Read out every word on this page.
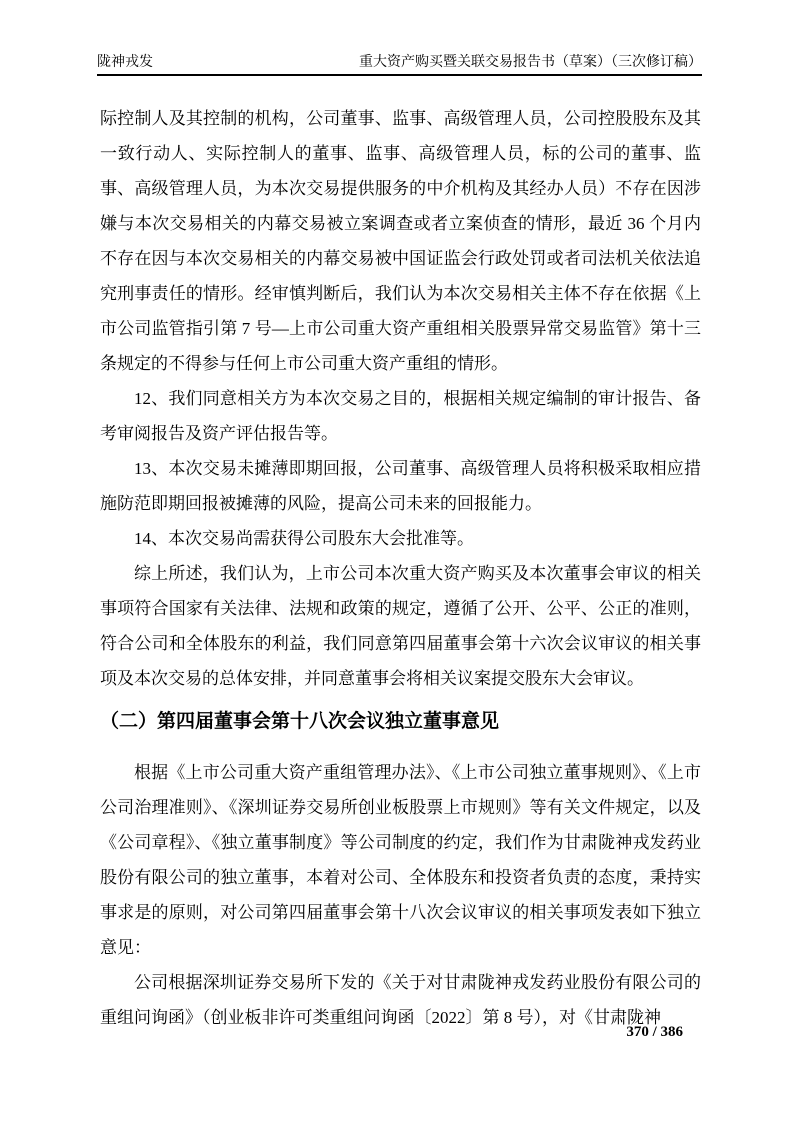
陇神戎发	重大资产购买暨关联交易报告书（草案）（三次修订稿）

际控制人及其控制的机构，公司董事、监事、高级管理人员，公司控股股东及其一致行动人、实际控制人的董事、监事、高级管理人员，标的公司的董事、监事、高级管理人员，为本次交易提供服务的中介机构及其经办人员）不存在因涉嫌与本次交易相关的内幕交易被立案调查或者立案侦查的情形，最近 36 个月内不存在因与本次交易相关的内幕交易被中国证监会行政处罚或者司法机关依法追究刑事责任的情形。经审慎判断后，我们认为本次交易相关主体不存在依据《上市公司监管指引第 7 号—上市公司重大资产重组相关股票异常交易监管》第十三条规定的不得参与任何上市公司重大资产重组的情形。

12、我们同意相关方为本次交易之目的，根据相关规定编制的审计报告、备考审阅报告及资产评估报告等。

13、本次交易未摊薄即期回报，公司董事、高级管理人员将积极采取相应措施防范即期回报被摊薄的风险，提高公司未来的回报能力。

14、本次交易尚需获得公司股东大会批准等。

综上所述，我们认为，上市公司本次重大资产购买及本次董事会审议的相关事项符合国家有关法律、法规和政策的规定，遵循了公开、公平、公正的准则，符合公司和全体股东的利益，我们同意第四届董事会第十六次会议审议的相关事项及本次交易的总体安排，并同意董事会将相关议案提交股东大会审议。

（二）第四届董事会第十八次会议独立董事意见

根据《上市公司重大资产重组管理办法》、《上市公司独立董事规则》、《上市公司治理准则》、《深圳证券交易所创业板股票上市规则》等有关文件规定，以及《公司章程》、《独立董事制度》等公司制度的约定，我们作为甘肃陇神戎发药业股份有限公司的独立董事，本着对公司、全体股东和投资者负责的态度，秉持实事求是的原则，对公司第四届董事会第十八次会议审议的相关事项发表如下独立意见：

公司根据深圳证券交易所下发的《关于对甘肃陇神戎发药业股份有限公司的重组问询函》（创业板非许可类重组问询函〔2022〕第 8 号），对《甘肃陇神

370 / 386
